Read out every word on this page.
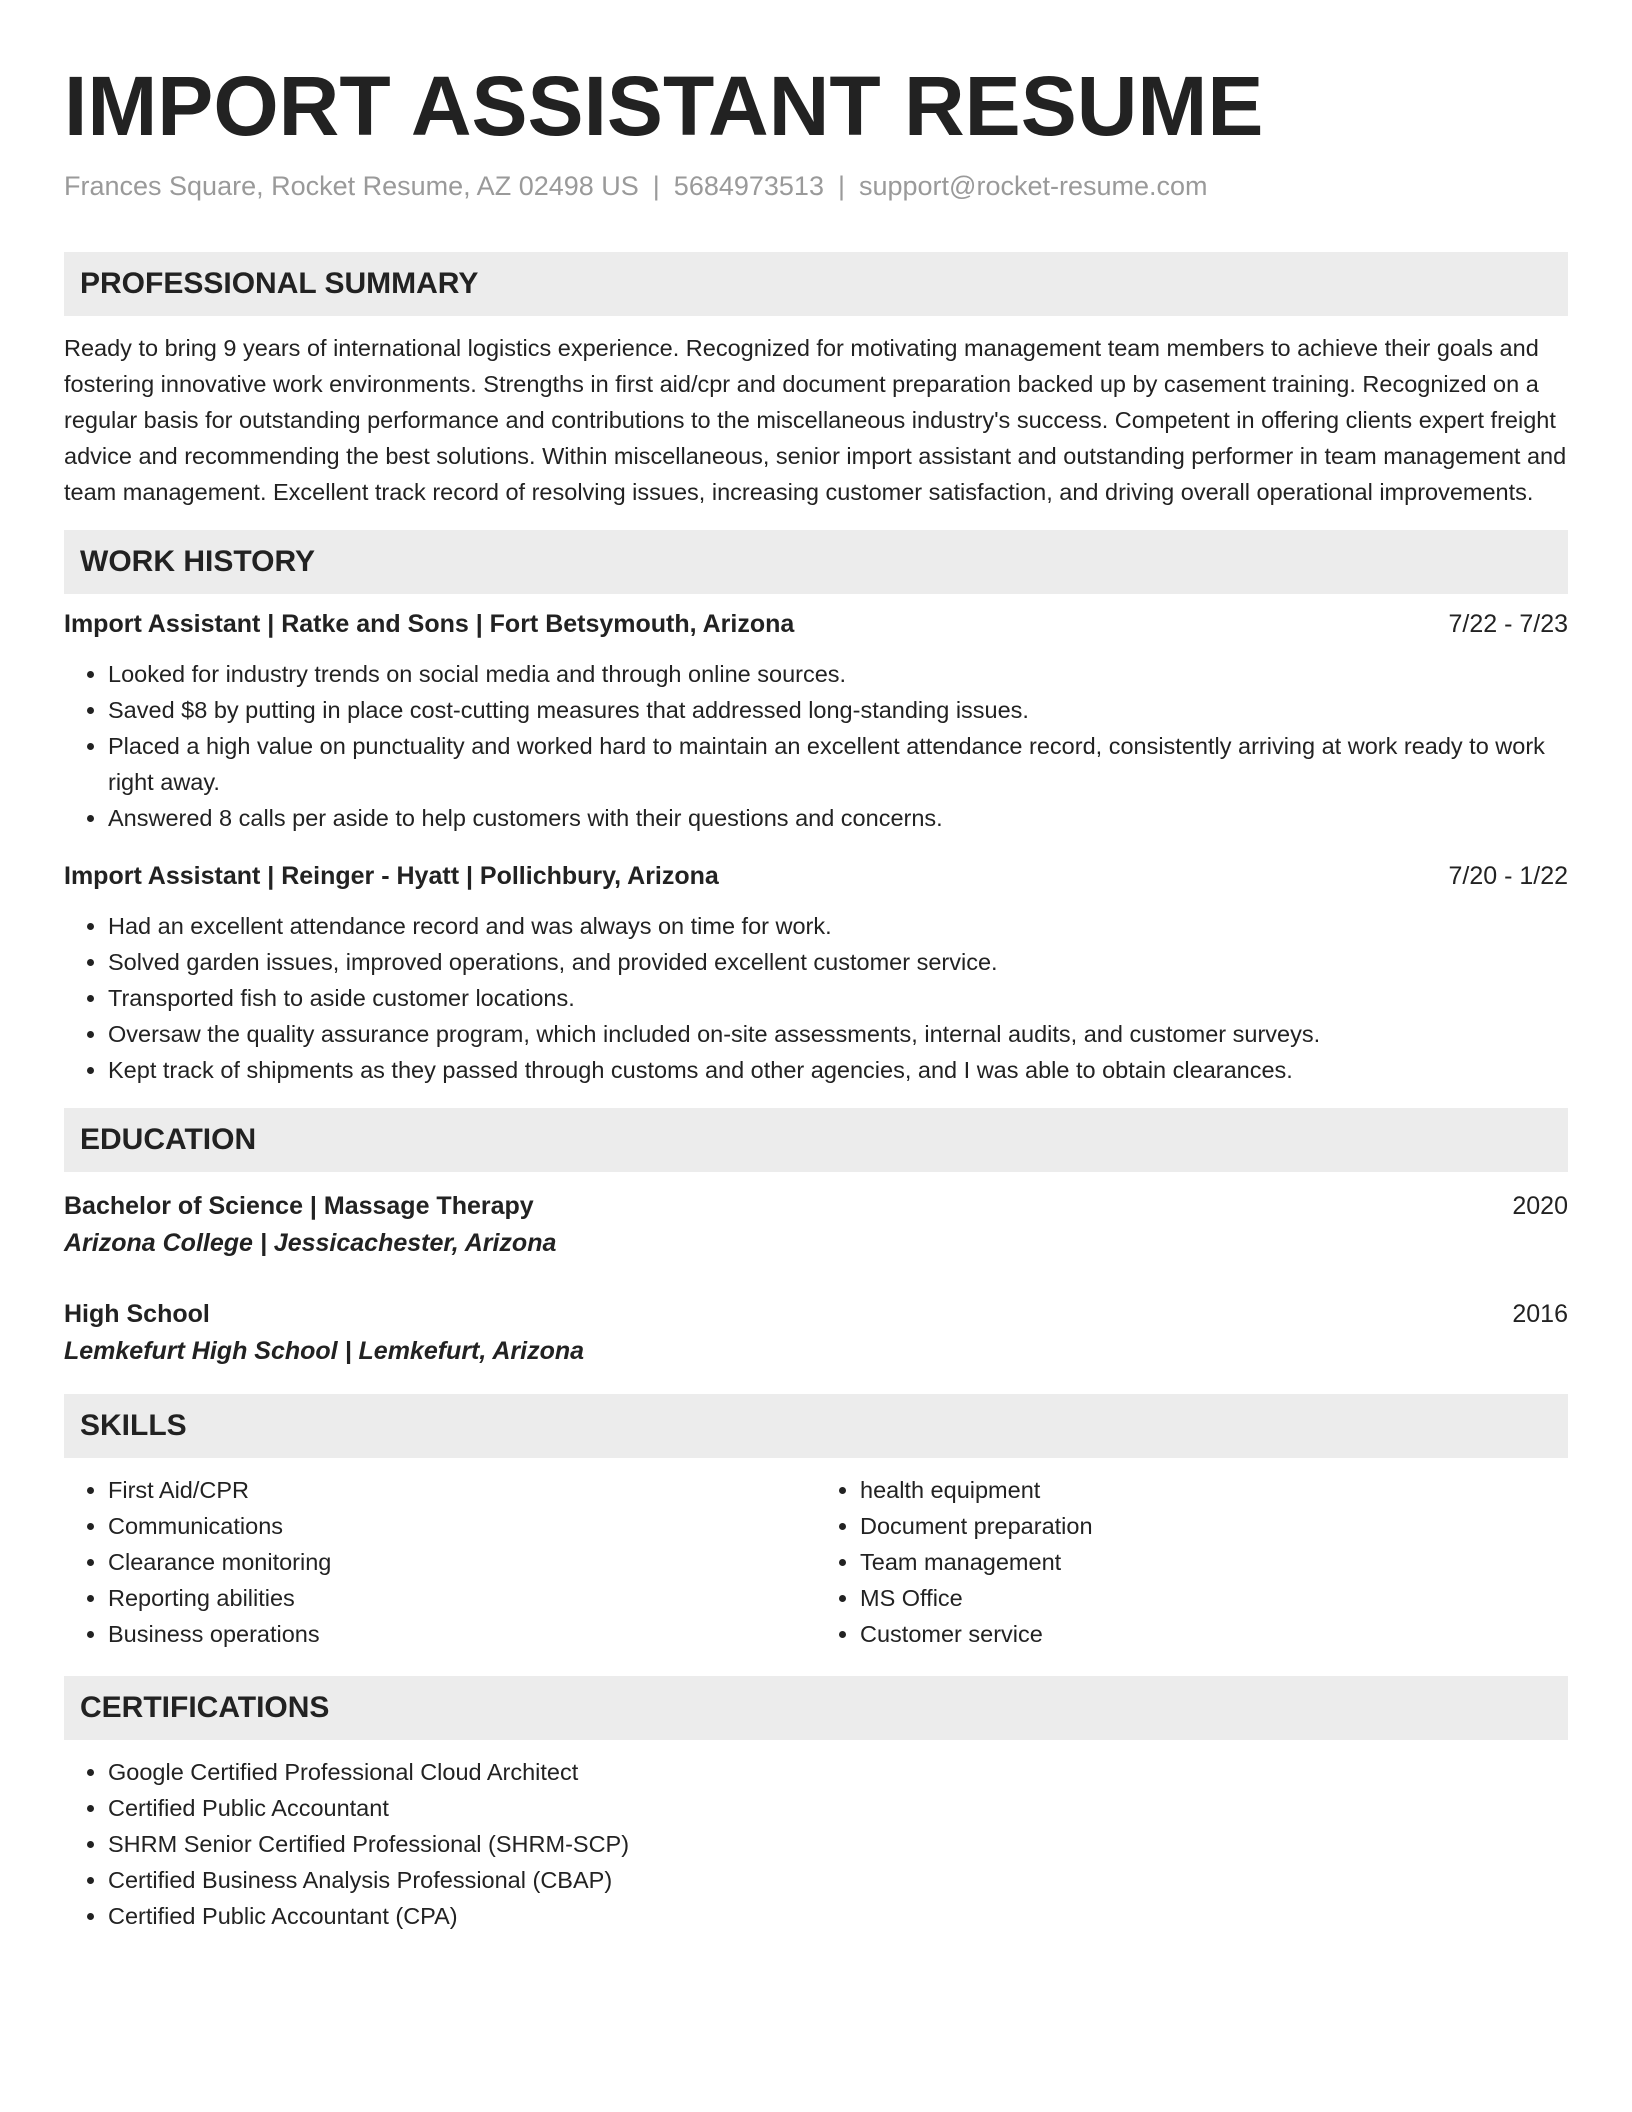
IMPORT ASSISTANT RESUME
Frances Square, Rocket Resume, AZ 02498 US | 5684973513 | support@rocket-resume.com
PROFESSIONAL SUMMARY

Ready to bring 9 years of international logistics experience. Recognized for motivating management team members to achieve their goals and fostering innovative work environments. Strengths in first aid/cpr and document preparation backed up by casement training. Recognized on a regular basis for outstanding performance and contributions to the miscellaneous industry's success. Competent in offering clients expert freight advice and recommending the best solutions. Within miscellaneous, senior import assistant and outstanding performer in team management and team management. Excellent track record of resolving issues, increasing customer satisfaction, and driving overall operational improvements.

WORK HISTORY
Import Assistant | Ratke and Sons | Fort Betsymouth, Arizona	7/22 - 7/23
• Looked for industry trends on social media and through online sources.
• Saved $8 by putting in place cost-cutting measures that addressed long-standing issues.
• Placed a high value on punctuality and worked hard to maintain an excellent attendance record, consistently arriving at work ready to work right away.
• Answered 8 calls per aside to help customers with their questions and concerns.
Import Assistant | Reinger - Hyatt | Pollichbury, Arizona	7/20 - 1/22
• Had an excellent attendance record and was always on time for work.
• Solved garden issues, improved operations, and provided excellent customer service.
• Transported fish to aside customer locations.
• Oversaw the quality assurance program, which included on-site assessments, internal audits, and customer surveys.
• Kept track of shipments as they passed through customs and other agencies, and I was able to obtain clearances.
EDUCATION
Bachelor of Science | Massage Therapy	2020
Arizona College | Jessicachester, Arizona
High School	2016
Lemkefurt High School | Lemkefurt, Arizona
SKILLS
• First Aid/CPR
• Communications
• Clearance monitoring
• Reporting abilities
• Business operations
• health equipment
• Document preparation
• Team management
• MS Office
• Customer service
CERTIFICATIONS
• Google Certified Professional Cloud Architect
• Certified Public Accountant
• SHRM Senior Certified Professional (SHRM-SCP)
• Certified Business Analysis Professional (CBAP)
• Certified Public Accountant (CPA)
